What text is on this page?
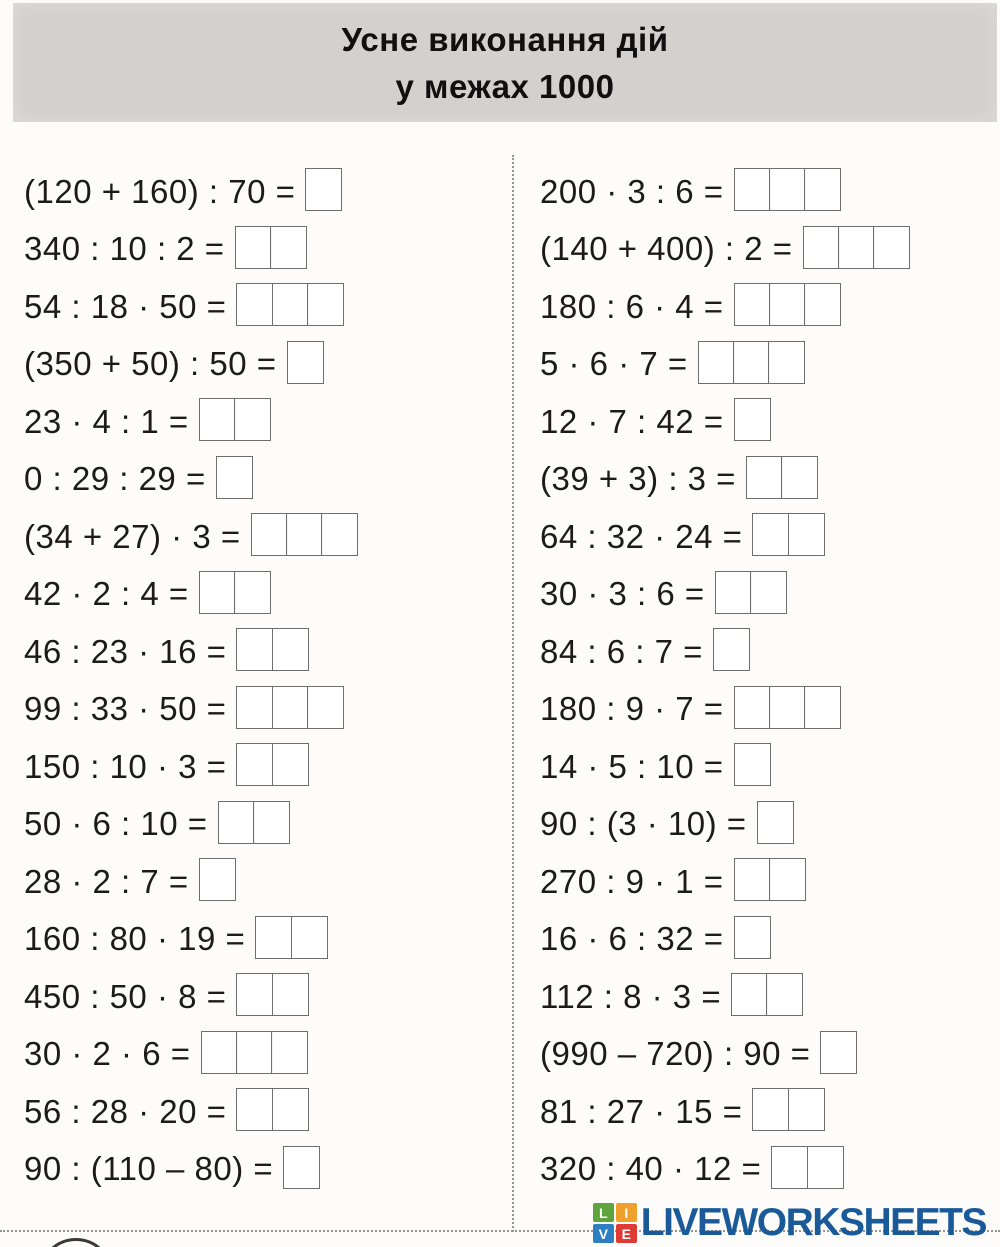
Усне виконання дій
у межах 1000
(120 + 160) : 70 =
340 : 10 : 2 =
54 : 18 · 50 =
(350 + 50) : 50 =
23 · 4 : 1 =
0 : 29 : 29 =
(34 + 27) · 3 =
42 · 2 : 4 =
46 : 23 · 16 =
99 : 33 · 50 =
150 : 10 · 3 =
50 · 6 : 10 =
28 · 2 : 7 =
160 : 80 · 19 =
450 : 50 · 8 =
30 · 2 · 6 =
56 : 28 · 20 =
90 : (110 – 80) =
200 · 3 : 6 =
(140 + 400) : 2 =
180 : 6 · 4 =
5 · 6 · 7 =
12 · 7 : 42 =
(39 + 3) : 3 =
64 : 32 · 24 =
30 · 3 : 6 =
84 : 6 : 7 =
180 : 9 · 7 =
14 · 5 : 10 =
90 : (3 · 10) =
270 : 9 · 1 =
16 · 6 : 32 =
112 : 8 · 3 =
(990 – 720) : 90 =
81 : 27 · 15 =
320 : 40 · 12 =
L	I
V E LIVEWORKSHEETS
